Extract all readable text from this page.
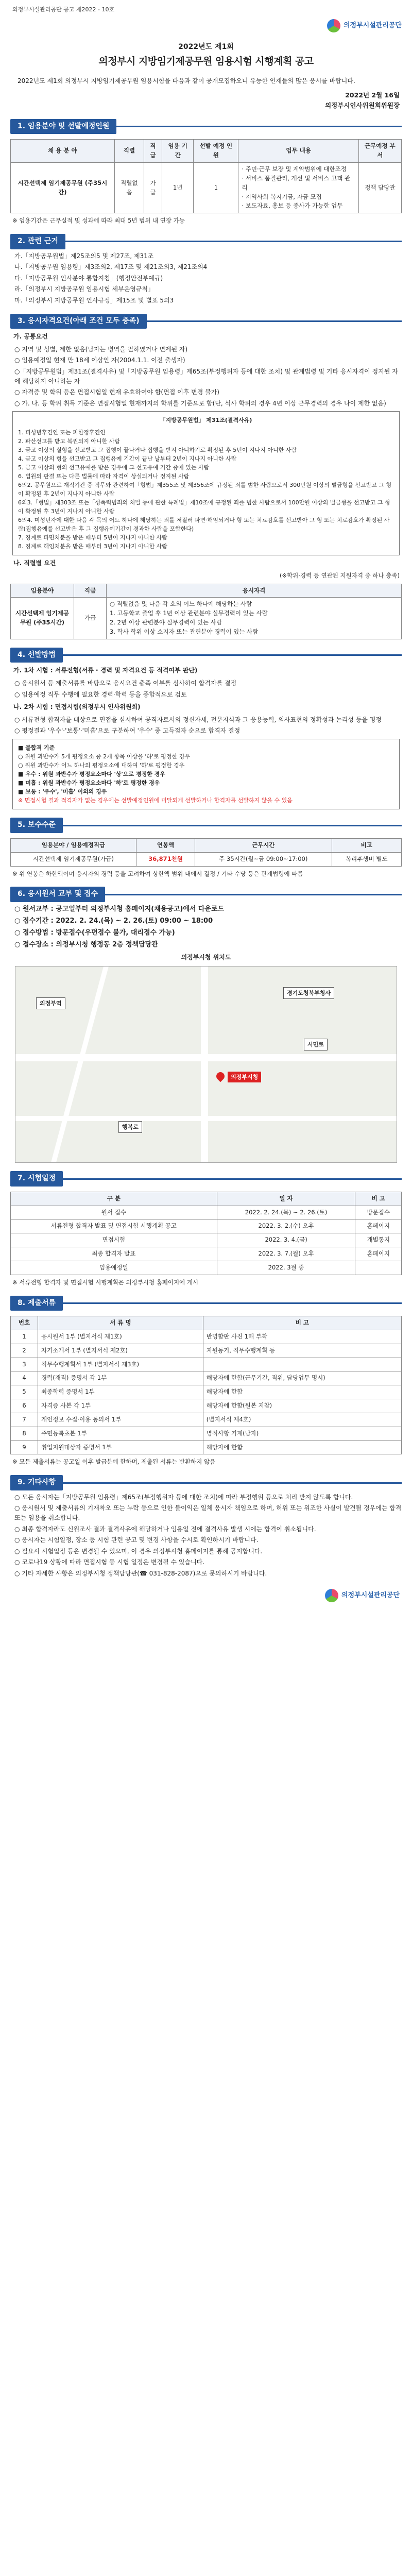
의정부시설관리공단 공고 제2022 - 10호
의정부시설관리공단
2022년도 제1회
의정부시 지방임기제공무원 임용시험 시행계획 공고

2022년도 제1회 의정부시 지방임기제공무원 임용시험을 다음과 같이 공개모집하오니 유능한 인재들의 많은 응시를 바랍니다.

2022년 2월 16일
의정부시인사위원회위원장
1. 임용분야 및 선발예정인원
채 용 분 야	직렬	직급	임용 기간	선발 예정 인원	업무 내용	근무예정 부서
시간선택제 임기제공무원 (주35시간)	직렬없음	가급	1년	1	· 주민·근무 보장 및 계약범위에 대한조정
· 서비스 품질관리, 개선 및 서비스 고객 관리
· 지역사회 복지기금, 자금 모집
· 보도자료, 홍보 등 종사가 가능한 업무	정책 담당관
※ 임용기간은 근무실적 및 성과에 따라 최대 5년 범위 내 연장 가능
2. 관련 근거
가.「지방공무원법」제25조의5 및 제27조, 제31조
나.「지방공무원 임용령」제3조의2, 제17조 및 제21조의3, 제21조의4
다.「지방공무원 인사분야 통합지침」(행정안전부예규)
라.「의정부시 지방공무원 임용시험 세부운영규칙」
마.「의정부시 지방공무원 인사규정」제15조 및 별표 5의3
3. 응시자격요건(아래 조건 모두 충족)
가. 공통요건
○ 지역 및 성별, 제한 없음(남자는 병역을 필하였거나 면제된 자)
○ 임용예정일 현재 만 18세 이상인 자(2004.1.1. 이전 출생자)
○「지방공무원법」제31조(결격사유) 및「지방공무원 임용령」제65조(부정행위자 등에 대한 조치) 및 관계법령 및 기타 응시자격이 정지된 자에 해당하지 아니하는 자
○ 자격증 및 학위 등은 면접시험일 현재 유효하여야 함(면접 이후 변경 불가)
○ 가. 나. 등 학위 취득 기준은 면접시험일 현재까지의 학위를 기준으로 함(단, 석사 학위의 경우 4년 이상 근무경력의 경우 나이 제한 없음)
「지방공무원법」 제31조(결격사유)
1. 피성년후견인 또는 피한정후견인
2. 파산선고를 받고 복권되지 아니한 사람
3. 금고 이상의 실형을 선고받고 그 집행이 끝나거나 집행을 받지 아니하기로 확정된 후 5년이 지나지 아니한 사람
4. 금고 이상의 형을 선고받고 그 집행유예 기간이 끝난 날부터 2년이 지나지 아니한 사람
5. 금고 이상의 형의 선고유예를 받은 경우에 그 선고유예 기간 중에 있는 사람
6. 법원의 판결 또는 다른 법률에 따라 자격이 상실되거나 정지된 사람
6의2. 공무원으로 재직기간 중 직무와 관련하여「형법」제355조 및 제356조에 규정된 죄를 범한 사람으로서 300만원 이상의 벌금형을 선고받고 그 형이 확정된 후 2년이 지나지 아니한 사람
6의3.「형법」제303조 또는「성폭력범죄의 처벌 등에 관한 특례법」제10조에 규정된 죄를 범한 사람으로서 100만원 이상의 벌금형을 선고받고 그 형이 확정된 후 3년이 지나지 아니한 사람
6의4. 미성년자에 대한 다음 각 목의 어느 하나에 해당하는 죄를 저질러 파면·해임되거나 형 또는 치료감호를 선고받아 그 형 또는 치료감호가 확정된 사람(집행유예를 선고받은 후 그 집행유예기간이 경과한 사람을 포함한다)
7. 징계로 파면처분을 받은 때부터 5년이 지나지 아니한 사람
8. 징계로 해임처분을 받은 때부터 3년이 지나지 아니한 사람
나. 직렬별 요건
(※학위·경력 등 연관된 지원자격 중 하나 충족)
임용분야	직급	응시자격
시간선택제 임기제공무원 (주35시간)	가급	○ 직렬없음 및 다음 각 호의 어느 하나에 해당하는 사람
1. 고등학교 졸업 후 1년 이상 관련분야 실무경력이 있는 사람
2. 2년 이상 관련분야 실무경력이 있는 사람
3. 학사 학위 이상 소지자 또는 관련분야 경력이 있는 사람
4. 선발방법
가. 1차 시험 : 서류전형(서류 · 경력 및 자격요건 등 적격여부 판단)
○ 응시원서 등 제출서류를 바탕으로 응시요건 충족 여부를 심사하여 합격자를 결정
○ 임용예정 직무 수행에 필요한 경력·학력 등을 종합적으로 검토
나. 2차 시험 : 면접시험(의정부시 인사위원회)
○ 서류전형 합격자를 대상으로 면접을 실시하여 공직자로서의 정신자세, 전문지식과 그 응용능력, 의사표현의 정확성과 논리성 등을 평정
○ 평정결과 '우수'·'보통'·'미흡'으로 구분하여 '우수' 중 고득점자 순으로 합격자 결정
■ 불합격 기준
○ 위원 과반수가 5개 평정요소 중 2개 항목 이상을 '하'로 평정한 경우
○ 위원 과반수가 어느 하나의 평정요소에 대하여 '하'로 평정한 경우
■ 우수 : 위원 과반수가 평정요소마다 '상'으로 평정한 경우
■ 미흡 : 위원 과반수가 평정요소마다 '하'로 평정한 경우
■ 보통 : '우수', '미흡' 이외의 경우
※ 면접시험 결과 적격자가 없는 경우에는 선발예정인원에 미달되게 선발하거나 합격자를 선발하지 않을 수 있음
5. 보수수준
임용분야 / 임용예정직급	연봉액	근무시간	비고
시간선택제 임기제공무원(가급)	36,871천원	주 35시간(월~금 09:00~17:00)	복리후생비 별도
※ 위 연봉은 하한액이며 응시자의 경력 등을 고려하여 상한액 범위 내에서 결정 / 기타 수당 등은 관계법령에 따름
6. 응시원서 교부 및 접수
○ 원서교부 : 공고일부터 의정부시청 홈페이지(채용공고)에서 다운로드
○ 접수기간 : 2022. 2. 24.(목) ~ 2. 26.(토) 09:00 ~ 18:00
○ 접수방법 : 방문접수(우편접수 불가, 대리접수 가능)
○ 접수장소 : 의정부시청 행정동 2층 정책담당관
의정부시청 위치도
의정부역
시민로
행복로
경기도청북부청사
의정부시청
7. 시험일정
구 분	일 자	비 고
원서 접수	2022. 2. 24.(목) ~ 2. 26.(토)	방문접수
서류전형 합격자 발표 및 면접시험 시행계획 공고	2022. 3. 2.(수) 오후	홈페이지
면접시험	2022. 3. 4.(금)	개별통지
최종 합격자 발표	2022. 3. 7.(월) 오후	홈페이지
임용예정일	2022. 3월 중	
※ 서류전형 합격자 및 면접시험 시행계획은 의정부시청 홈페이지에 게시
8. 제출서류
번호	서 류 명	비 고
1	응시원서 1부 (별지서식 제1호)	반명함판 사진 1매 부착
2	자기소개서 1부 (별지서식 제2호)	지원동기, 직무수행계획 등
3	직무수행계획서 1부 (별지서식 제3호)	
4	경력(재직) 증명서 각 1부	해당자에 한함(근무기간, 직위, 담당업무 명시)
5	최종학력 증명서 1부	해당자에 한함
6	자격증 사본 각 1부	해당자에 한함(원본 지참)
7	개인정보 수집·이용 동의서 1부	(별지서식 제4호)
8	주민등록초본 1부	병적사항 기재(남자)
9	취업지원대상자 증명서 1부	해당자에 한함
※ 모든 제출서류는 공고일 이후 발급분에 한하며, 제출된 서류는 반환하지 않음
9. 기타사항
○ 모든 응시자는「지방공무원 임용령」제65조(부정행위자 등에 대한 조치)에 따라 부정행위 등으로 처리 받지 않도록 합니다.
○ 응시원서 및 제출서류의 기재착오 또는 누락 등으로 인한 불이익은 일체 응시자 책임으로 하며, 허위 또는 위조한 사실이 발견될 경우에는 합격 또는 임용을 취소합니다.
○ 최종 합격자라도 신원조사 결과 결격사유에 해당하거나 임용일 전에 결격사유 발생 시에는 합격이 취소됩니다.
○ 응시자는 시험일정, 장소 등 시험 관련 공고 및 변경 사항을 수시로 확인하시기 바랍니다.
○ 필요시 시험일정 등은 변경될 수 있으며, 이 경우 의정부시청 홈페이지를 통해 공지합니다.
○ 코로나19 상황에 따라 면접시험 등 시험 일정은 변경될 수 있습니다.
○ 기타 자세한 사항은 의정부시청 정책담당관(☎ 031-828-2087)으로 문의하시기 바랍니다.
의정부시설관리공단
